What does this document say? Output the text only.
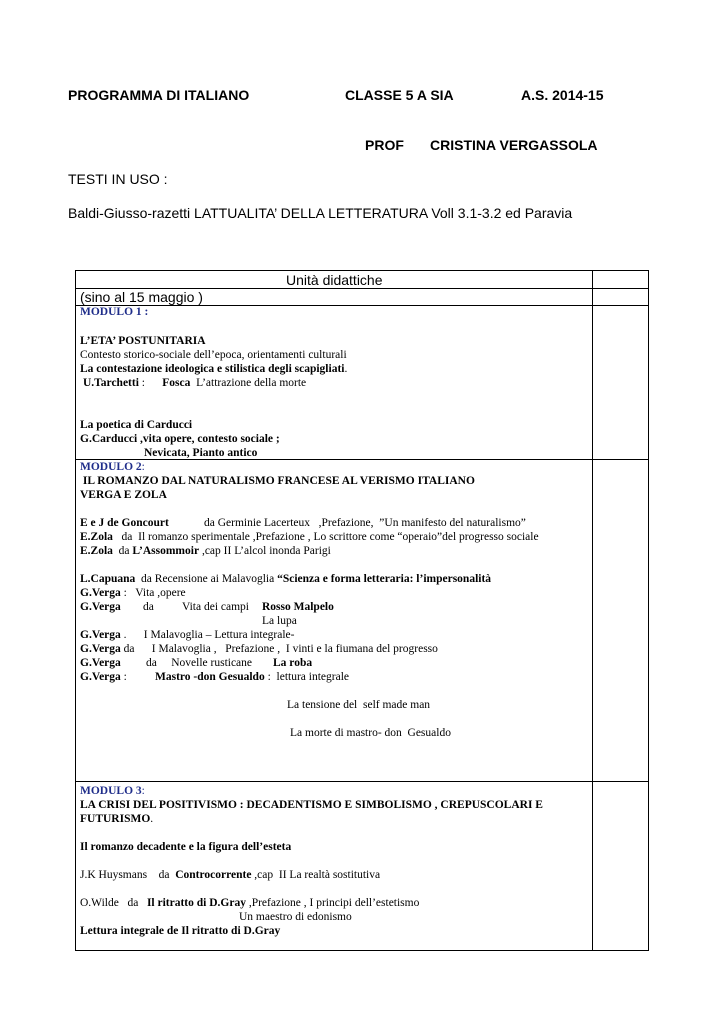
PROGRAMMA DI ITALIANO	CLASSE 5 A SIA	A.S. 2014-15
PROF CRISTINA VERGASSOLA
TESTI IN USO :
Baldi-Giusso-razetti LATTUALITA’ DELLA LETTERATURA Voll 3.1-3.2 ed Paravia
Unità didattiche
(sino al 15 maggio )
MODULO 1 :
L’ETA’ POSTUNITARIA
Contesto storico-sociale dell’epoca, orientamenti culturali
La contestazione ideologica e stilistica degli scapigliati.
U.Tarchetti :      Fosca  L’attrazione della morte
La poetica di Carducci
G.Carducci ,vita opere, contesto sociale ;
Nevicata, Pianto antico
MODULO 2:
IL ROMANZO DAL NATURALISMO FRANCESE AL VERISMO ITALIANO
VERGA E ZOLA
E e J de Goncourt	da Germinie Lacerteux   ,Prefazione,  ”Un manifesto del naturalismo”
E.Zola   da  Il romanzo sperimentale ,Prefazione , Lo scrittore come “operaio”del progresso sociale
E.Zola  da L’Assommoir ,cap II L’alcol inonda Parigi
L.Capuana  da Recensione ai Malavoglia “Scienza e forma letteraria: l’impersonalità
G.Verga :   Vita ,opere
G.Verga da Vita dei campi Rosso Malpelo
La lupa
G.Verga .      I Malavoglia – Lettura integrale-
G.Verga da      I Malavoglia ,   Prefazione ,  I vinti e la fiumana del progresso
G.Verga da     Novelle rusticane La roba
G.Verga : Mastro -don Gesualdo :  lettura integrale
La tensione del  self made man
La morte di mastro- don  Gesualdo
MODULO 3:
LA CRISI DEL POSITIVISMO : DECADENTISMO E SIMBOLISMO , CREPUSCOLARI E
FUTURISMO.
Il romanzo decadente e la figura dell’esteta
J.K Huysmans    da  Controcorrente ,cap  II La realtà sostitutiva
O.Wilde   da   Il ritratto di D.Gray ,Prefazione , I principi dell’estetismo
Un maestro di edonismo
Lettura integrale de Il ritratto di D.Gray
